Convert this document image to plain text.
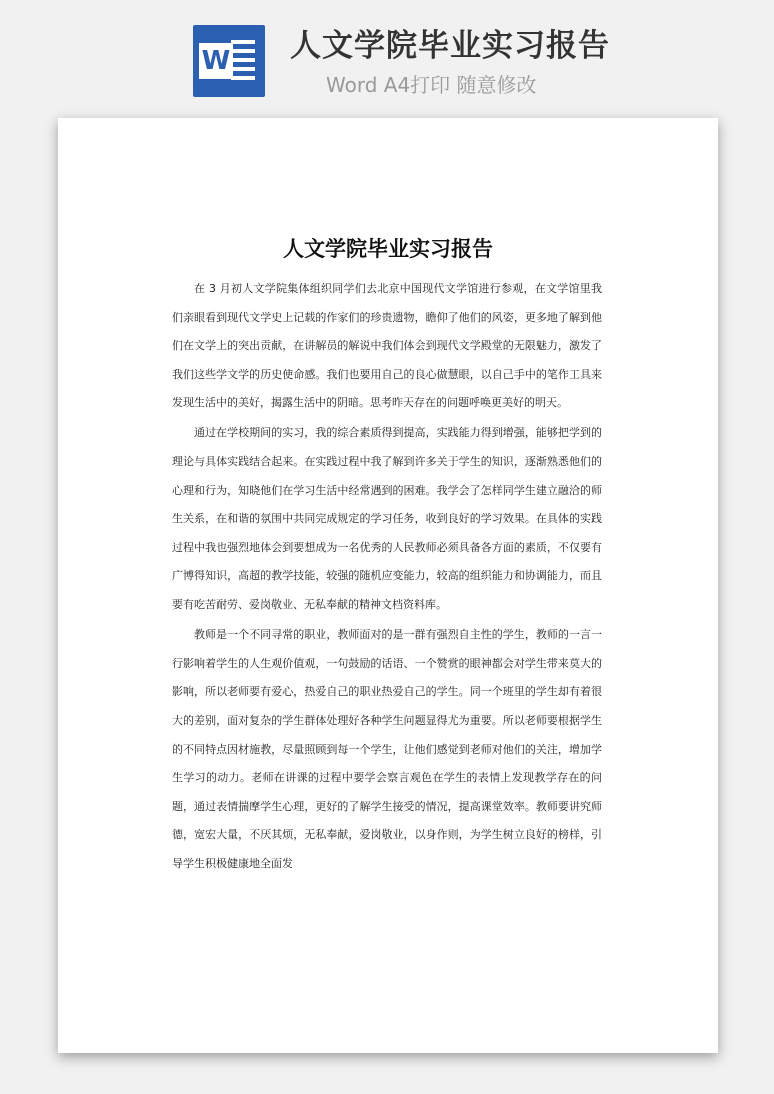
W 人文学院毕业实习报告
Word A4打印 随意修改
人文学院毕业实习报告

在 3 月初人文学院集体组织同学们去北京中国现代文学馆进行参观，在文学馆里我们亲眼看到现代文学史上记载的作家们的珍贵遗物，瞻仰了他们的风姿，更多地了解到他们在文学上的突出贡献，在讲解员的解说中我们体会到现代文学殿堂的无限魅力，激发了我们这些学文学的历史使命感。我们也要用自己的良心做慧眼，以自己手中的笔作工具来发现生活中的美好，揭露生活中的阴暗。思考昨天存在的问题呼唤更美好的明天。

通过在学校期间的实习，我的综合素质得到提高，实践能力得到增强，能够把学到的理论与具体实践结合起来。在实践过程中我了解到许多关于学生的知识，逐渐熟悉他们的心理和行为，知晓他们在学习生活中经常遇到的困难。我学会了怎样同学生建立融洽的师生关系，在和谐的氛围中共同完成规定的学习任务，收到良好的学习效果。在具体的实践过程中我也强烈地体会到要想成为一名优秀的人民教师必须具备各方面的素质，不仅要有广博得知识，高超的教学技能，较强的随机应变能力，较高的组织能力和协调能力，而且要有吃苦耐劳、爱岗敬业、无私奉献的精神文档资料库。

教师是一个不同寻常的职业，教师面对的是一群有强烈自主性的学生，教师的一言一行影响着学生的人生观价值观，一句鼓励的话语、一个赞赏的眼神都会对学生带来莫大的影响，所以老师要有爱心，热爱自己的职业热爱自己的学生。同一个班里的学生却有着很大的差别，面对复杂的学生群体处理好各种学生问题显得尤为重要。所以老师要根据学生的不同特点因材施教，尽量照顾到每一个学生，让他们感觉到老师对他们的关注，增加学生学习的动力。老师在讲课的过程中要学会察言观色在学生的表情上发现教学存在的问题，通过表情揣摩学生心理，更好的了解学生接受的情况，提高课堂效率。教师要讲究师德，宽宏大量，不厌其烦，无私奉献，爱岗敬业，以身作则，为学生树立良好的榜样，引导学生积极健康地全面发
